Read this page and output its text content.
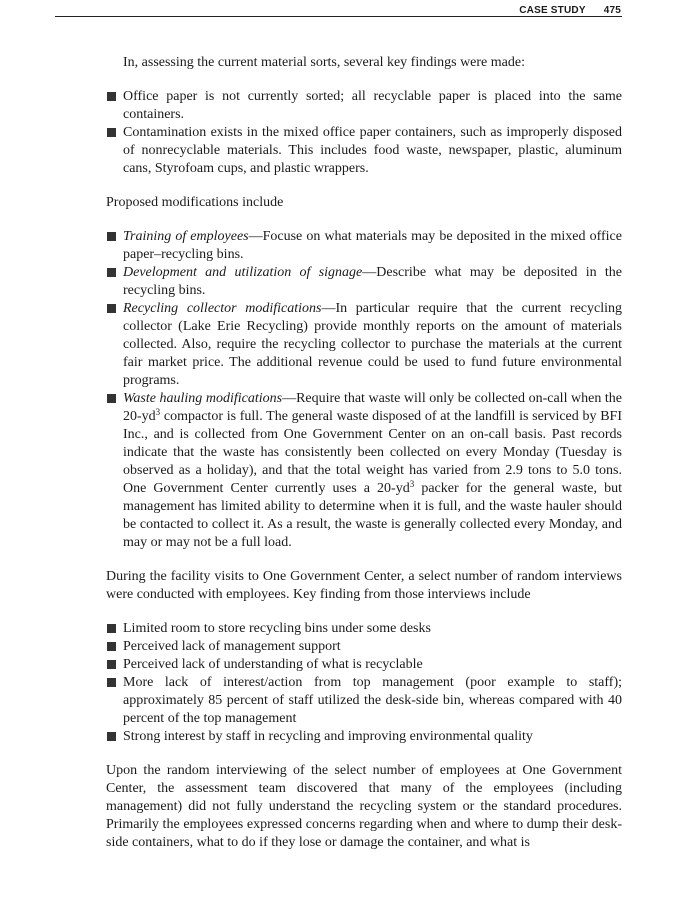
CASE STUDY 475

In, assessing the current material sorts, several key findings were made:

Office paper is not currently sorted; all recyclable paper is placed into the same containers.
Contamination exists in the mixed office paper containers, such as improperly disposed of nonrecyclable materials. This includes food waste, newspaper, plastic, aluminum cans, Styrofoam cups, and plastic wrappers.

Proposed modifications include

Training of employees—Focuse on what materials may be deposited in the mixed office paper–recycling bins.
Development and utilization of signage—Describe what may be deposited in the recycling bins.
Recycling collector modifications—In particular require that the current recycling collector (Lake Erie Recycling) provide monthly reports on the amount of materials collected. Also, require the recycling collector to purchase the materials at the current fair market price. The additional revenue could be used to fund future environmental programs.
Waste hauling modifications—Require that waste will only be collected on-call when the $20-yd^3$ compactor is full. The general waste disposed of at the landfill is serviced by BFI Inc., and is collected from One Government Center on an on-call basis. Past records indicate that the waste has consistently been collected on every Monday (Tuesday is observed as a holiday), and that the total weight has varied from 2.9 tons to 5.0 tons. One Government Center currently uses a $20-yd^3$ packer for the general waste, but management has limited ability to determine when it is full, and the waste hauler should be contacted to collect it. As a result, the waste is generally collected every Monday, and may or may not be a full load.

During the facility visits to One Government Center, a select number of random interviews were conducted with employees. Key finding from those interviews include

Limited room to store recycling bins under some desks
Perceived lack of management support
Perceived lack of understanding of what is recyclable
More lack of interest/action from top management (poor example to staff); approximately 85 percent of staff utilized the desk-side bin, whereas compared with 40 percent of the top management
Strong interest by staff in recycling and improving environmental quality

Upon the random interviewing of the select number of employees at One Government Center, the assessment team discovered that many of the employees (including management) did not fully understand the recycling system or the standard procedures. Primarily the employees expressed concerns regarding when and where to dump their desk-side containers, what to do if they lose or damage the container, and what is
